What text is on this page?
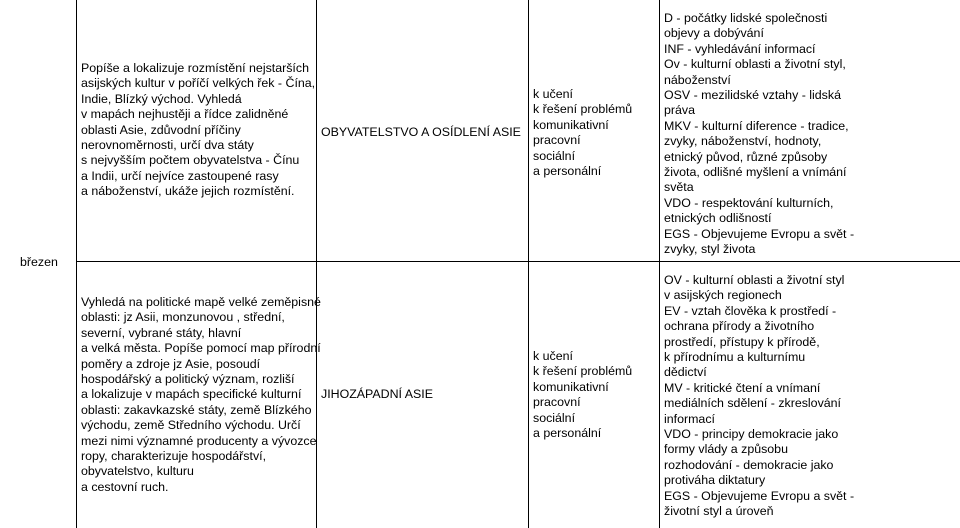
březen
Popíše a lokalizuje rozmístění nejstarších
asijských kultur v poříčí velkých řek - Čína,
Indie, Blízký východ. Vyhledá
v mapách nejhustěji a řídce zalidněné
oblasti Asie, zdůvodní příčiny
nerovnoměrnosti, určí dva státy
s nejvyšším počtem obyvatelstva - Čínu
a Indii, určí nejvíce zastoupené rasy
a náboženství, ukáže jejich rozmístění.
OBYVATELSTVO A OSÍDLENÍ ASIE
k učení
k řešení problémů
komunikativní
pracovní
sociální
a personální
D - počátky lidské společnosti
objevy a dobývání
INF - vyhledávání informací
Ov - kulturní oblasti a životní styl,
náboženství
OSV - mezilidské vztahy - lidská
práva
MKV - kulturní diference - tradice,
zvyky, náboženství, hodnoty,
etnický původ, různé způsoby
života, odlišné myšlení a vnímání
světa
VDO - respektování kulturních,
etnických odlišností
EGS - Objevujeme Evropu a svět -
zvyky, styl života
Vyhledá na politické mapě velké zeměpisné
oblasti: jz Asii, monzunovou , střední,
severní, vybrané státy, hlavní
a velká města. Popíše pomocí map přírodní
poměry a zdroje jz Asie, posoudí
hospodářský a politický význam, rozliší
a lokalizuje v mapách specifické kulturní
oblasti: zakavkazské státy, země Blízkého
východu, země Středního východu. Určí
mezi nimi významné producenty a vývozce
ropy, charakterizuje hospodářství,
obyvatelstvo, kulturu
a cestovní ruch.
JIHOZÁPADNÍ ASIE
k učení
k řešení problémů
komunikativní
pracovní
sociální
a personální
OV - kulturní oblasti a životní styl
v asijských regionech
EV - vztah člověka k prostředí -
ochrana přírody a životního
prostředí, přístupy k přírodě,
k přírodnímu a kulturnímu
dědictví
MV - kritické čtení a vnímaní
mediálních sdělení - zkreslování
informací
VDO - principy demokracie jako
formy vlády a způsobu
rozhodování - demokracie jako
protiváha diktatury
EGS - Objevujeme Evropu a svět -
životní styl a úroveň
